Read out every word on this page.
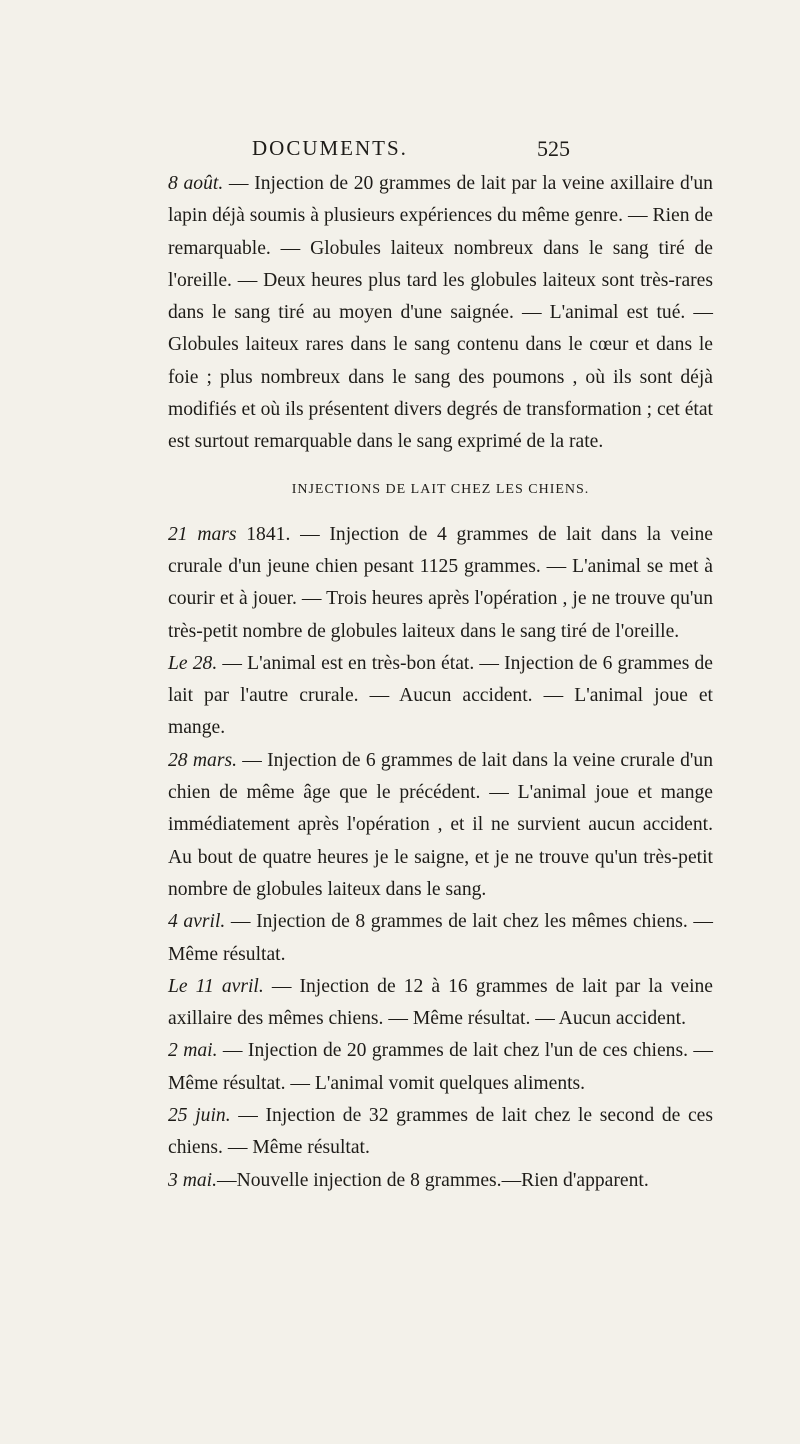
DOCUMENTS.	525

8 août. — Injection de 20 grammes de lait par la veine axillaire d'un lapin déjà soumis à plusieurs expériences du même genre. — Rien de remarquable. — Globules laiteux nombreux dans le sang tiré de l'oreille. — Deux heures plus tard les globules laiteux sont très-rares dans le sang tiré au moyen d'une saignée. — L'animal est tué. — Globules laiteux rares dans le sang contenu dans le cœur et dans le foie ; plus nombreux dans le sang des poumons , où ils sont déjà modifiés et où ils présentent divers degrés de transformation ; cet état est surtout remarquable dans le sang exprimé de la rate.

INJECTIONS DE LAIT CHEZ LES CHIENS.

21 mars 1841. — Injection de 4 grammes de lait dans la veine crurale d'un jeune chien pesant 1125 grammes. — L'animal se met à courir et à jouer. — Trois heures après l'opération , je ne trouve qu'un très-petit nombre de globules laiteux dans le sang tiré de l'oreille.

Le 28. — L'animal est en très-bon état. — Injection de 6 grammes de lait par l'autre crurale. — Aucun accident. — L'animal joue et mange.

28 mars. — Injection de 6 grammes de lait dans la veine crurale d'un chien de même âge que le précédent. — L'animal joue et mange immédiatement après l'opération , et il ne survient aucun accident. Au bout de quatre heures je le saigne, et je ne trouve qu'un très-petit nombre de globules laiteux dans le sang.

4 avril. — Injection de 8 grammes de lait chez les mêmes chiens. — Même résultat.

Le 11 avril. — Injection de 12 à 16 grammes de lait par la veine axillaire des mêmes chiens. — Même résultat. — Aucun accident.

2 mai. — Injection de 20 grammes de lait chez l'un de ces chiens. — Même résultat. — L'animal vomit quelques aliments.

25 juin. — Injection de 32 grammes de lait chez le second de ces chiens. — Même résultat.

3 mai.—Nouvelle injection de 8 grammes.—Rien d'apparent.
